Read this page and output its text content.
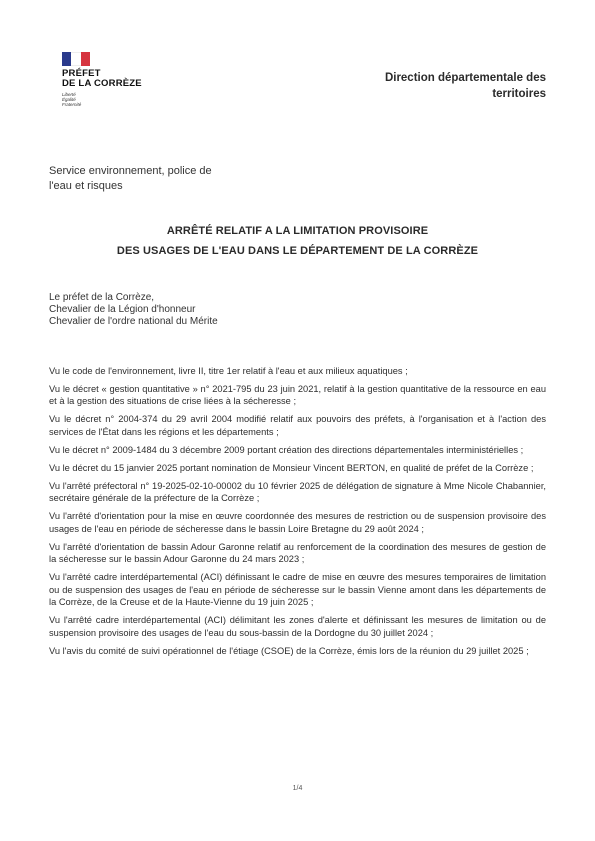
PRÉFET
DE LA CORRÈZE
Liberté
Égalité
Fraternité
Direction départementale des
territoires
Service environnement, police de
l'eau et risques
ARRÊTÉ RELATIF A LA LIMITATION PROVISOIRE
DES USAGES DE L'EAU DANS LE DÉPARTEMENT DE LA CORRÈZE
Le préfet de la Corrèze,
Chevalier de la Légion d'honneur
Chevalier de l'ordre national du Mérite

Vu le code de l'environnement, livre II, titre 1er relatif à l'eau et aux milieux aquatiques ;

Vu le décret « gestion quantitative » n° 2021-795 du 23 juin 2021, relatif à la gestion quantitative de la ressource en eau et à la gestion des situations de crise liées à la sécheresse ;

Vu le décret n° 2004-374 du 29 avril 2004 modifié relatif aux pouvoirs des préfets, à l'organisation et à l'action des services de l'État dans les régions et les départements ;

Vu le décret n° 2009-1484 du 3 décembre 2009 portant création des directions départementales interministérielles ;

Vu le décret du 15 janvier 2025 portant nomination de Monsieur Vincent BERTON, en qualité de préfet de la Corrèze ;

Vu l'arrêté préfectoral n° 19-2025-02-10-00002 du 10 février 2025 de délégation de signature à Mme Nicole Chabannier, secrétaire générale de la préfecture de la Corrèze ;

Vu l'arrêté d'orientation pour la mise en œuvre coordonnée des mesures de restriction ou de suspension provisoire des usages de l'eau en période de sécheresse dans le bassin Loire Bretagne du 29 août 2024 ;

Vu l'arrêté d'orientation de bassin Adour Garonne relatif au renforcement de la coordination des mesures de gestion de la sécheresse sur le bassin Adour Garonne du 24 mars 2023 ;

Vu l'arrêté cadre interdépartemental (ACI) définissant le cadre de mise en œuvre des mesures temporaires de limitation ou de suspension des usages de l'eau en période de sécheresse sur le bassin Vienne amont dans les départements de la Corrèze, de la Creuse et de la Haute-Vienne du 19 juin 2025 ;

Vu l'arrêté cadre interdépartemental (ACI) délimitant les zones d'alerte et définissant les mesures de limitation ou de suspension provisoire des usages de l'eau du sous-bassin de la Dordogne du 30 juillet 2024 ;

Vu l'avis du comité de suivi opérationnel de l'étiage (CSOE) de la Corrèze, émis lors de la réunion du 29 juillet 2025 ;

1/4
